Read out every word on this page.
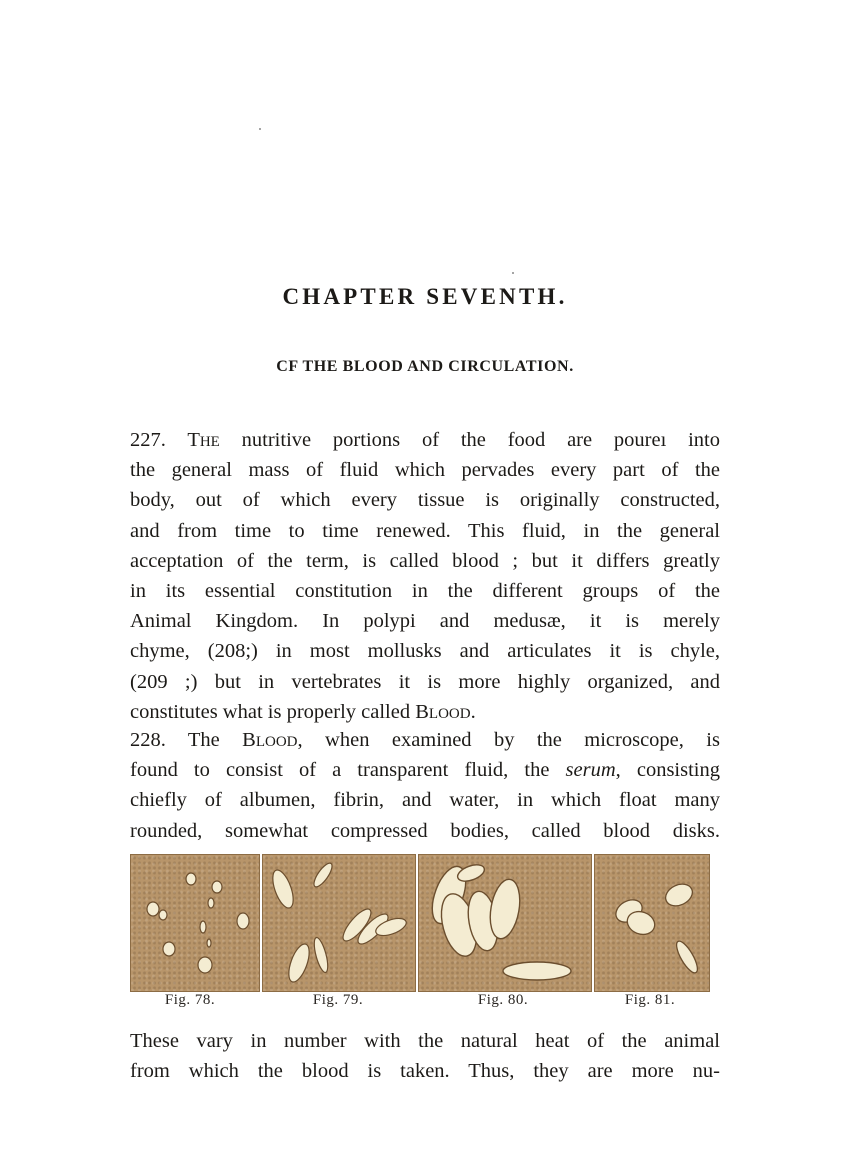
CHAPTER SEVENTH.
CF THE BLOOD AND CIRCULATION.
227. THE nutritive portions of the food are poureı into
the general mass of fluid which pervades every part of the
body, out of which every tissue is originally constructed,
and from time to time renewed. This fluid, in the general
acceptation of the term, is called blood ; but it differs greatly
in its essential constitution in the different groups of the
Animal Kingdom. In polypi and medusæ, it is merely
chyme, (208;) in most mollusks and articulates it is chyle,
(209 ;) but in vertebrates it is more highly organized, and
constitutes what is properly called BLOOD.
228. The BLOOD, when examined by the microscope, is
found to consist of a transparent fluid, the serum, consisting
chiefly of albumen, fibrin, and water, in which float many
rounded, somewhat compressed bodies, called blood disks.
Fig. 78.	Fig. 79.	Fig. 80.	Fig. 81.
These vary in number with the natural heat of the animal
from which the blood is taken. Thus, they are more nu-
